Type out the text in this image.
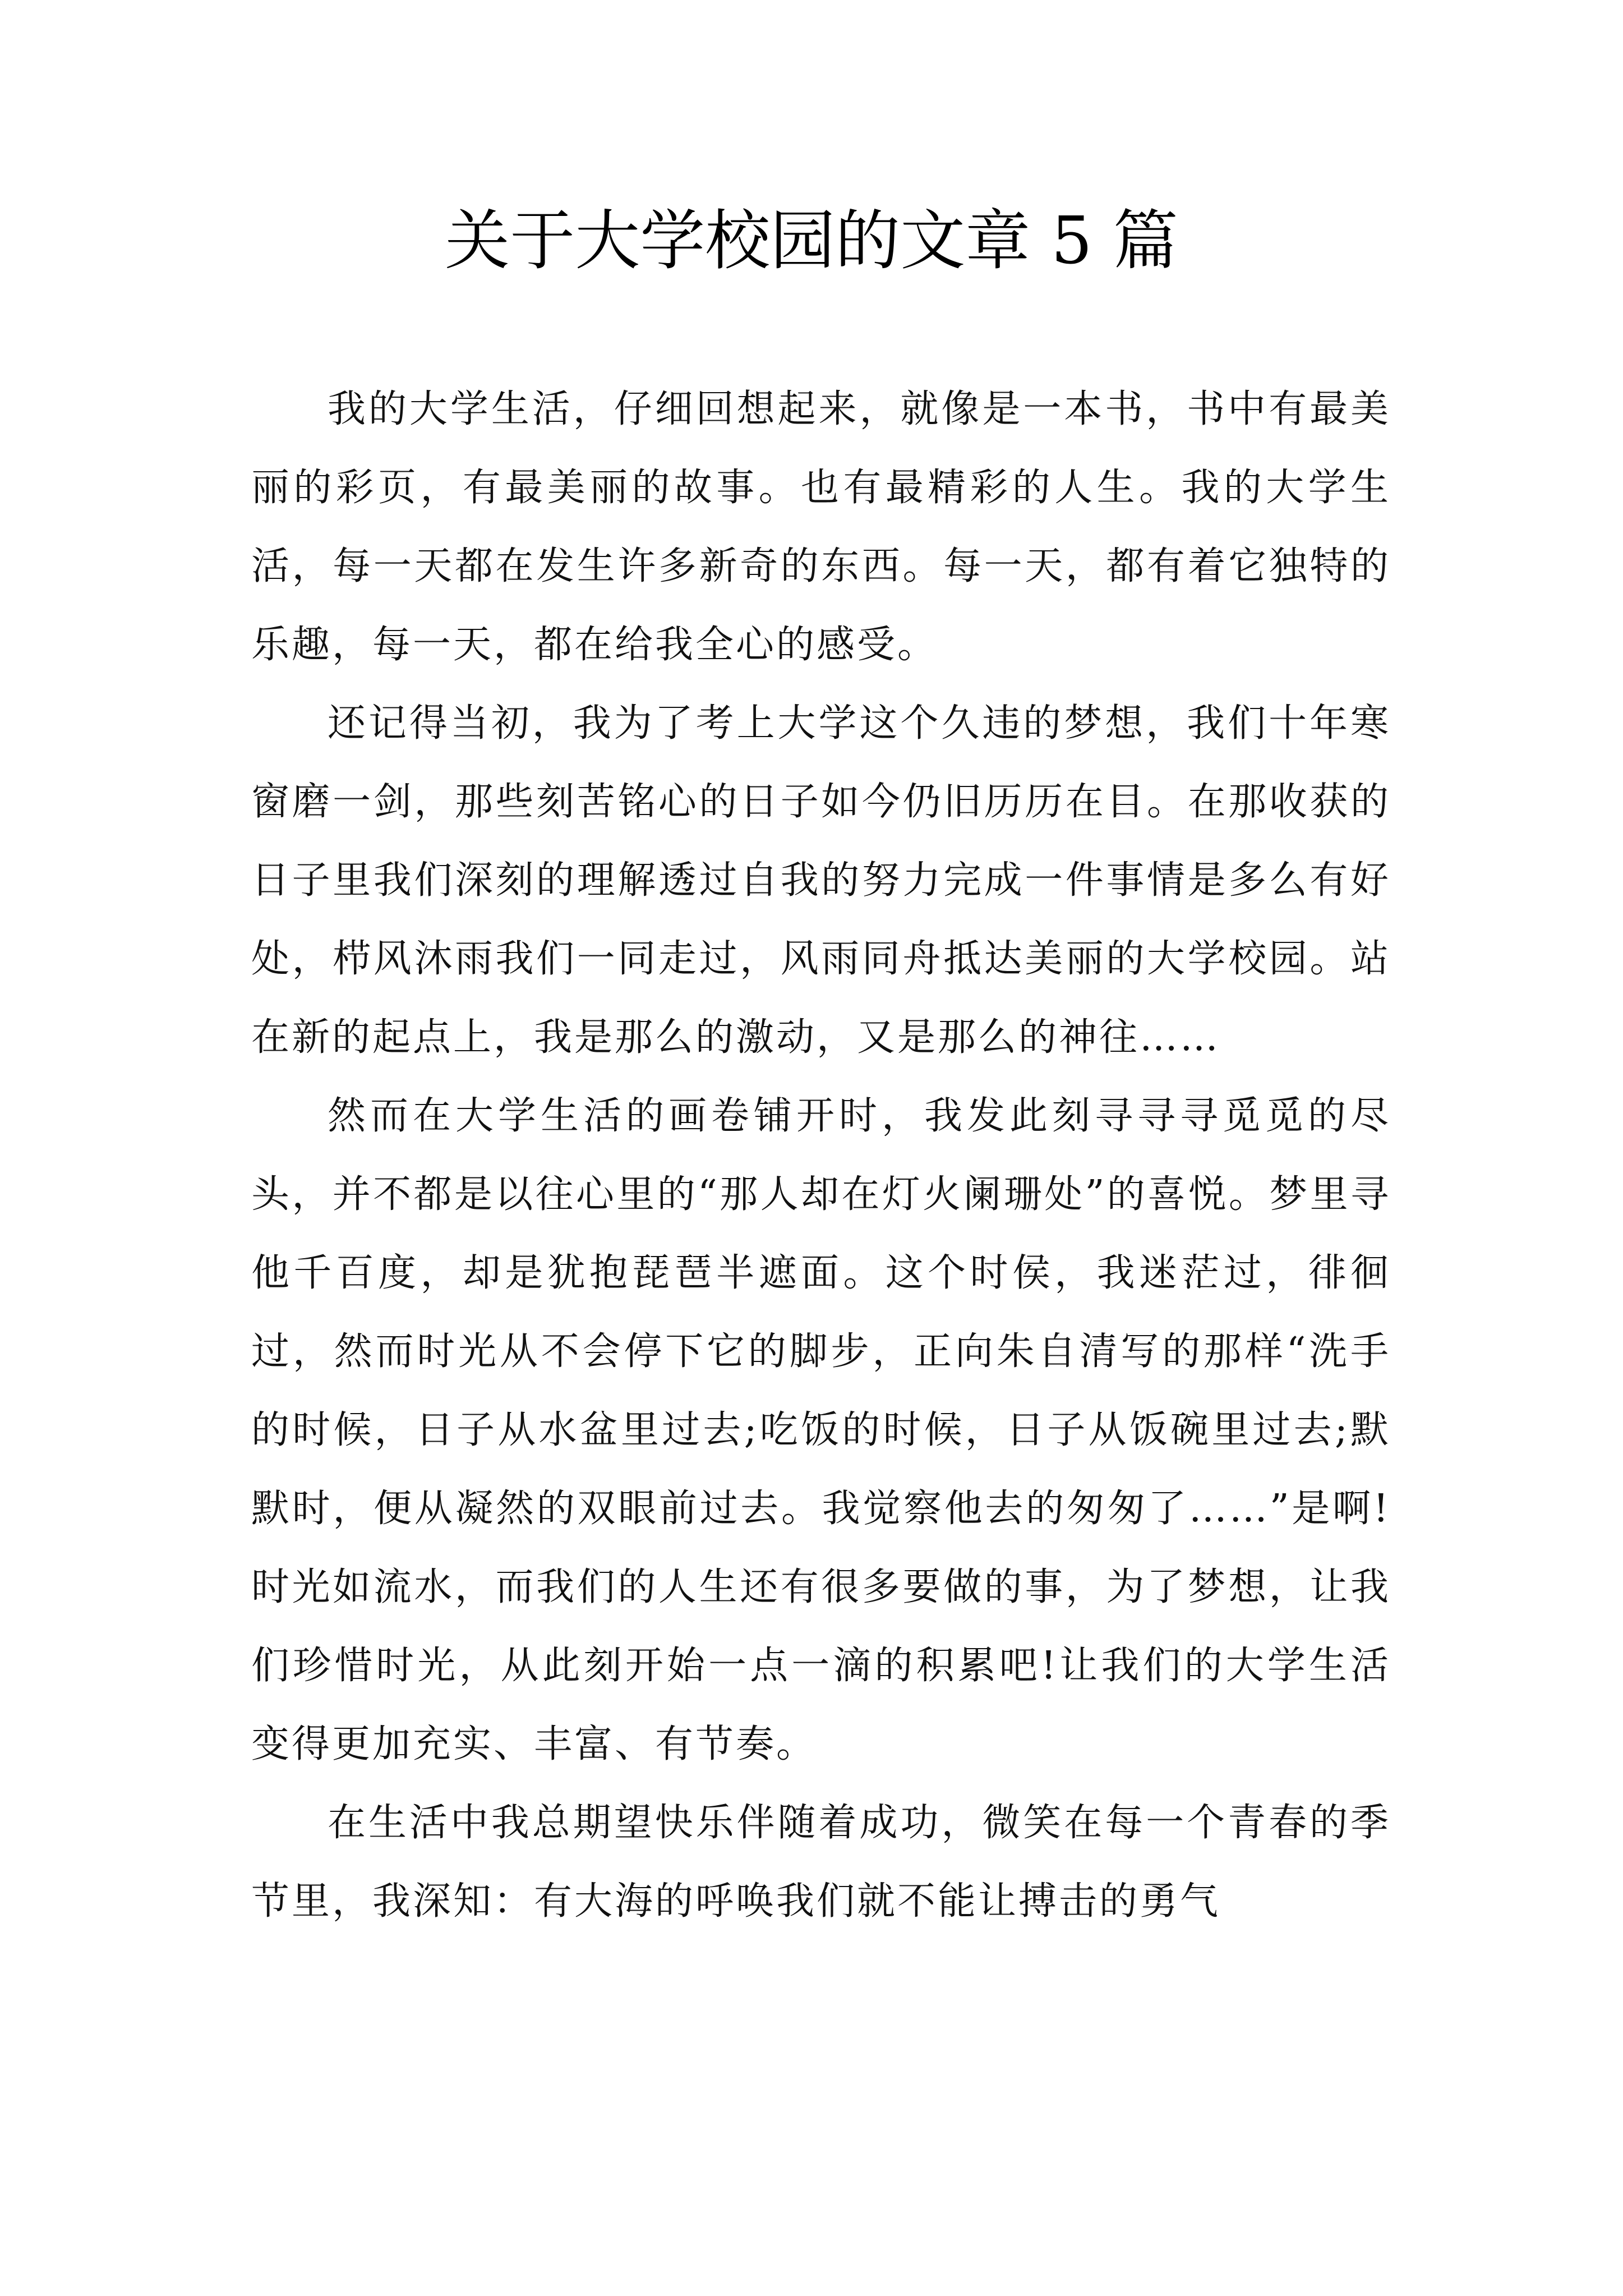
关于大学校园的文章 5 篇

我的大学生活，仔细回想起来，就像是一本书，书中有最美丽的彩页，有最美丽的故事。也有最精彩的人生。我的大学生活，每一天都在发生许多新奇的东西。每一天，都有着它独特的乐趣，每一天，都在给我全心的感受。

还记得当初，我为了考上大学这个久违的梦想，我们十年寒窗磨一剑，那些刻苦铭心的日子如今仍旧历历在目。在那收获的日子里我们深刻的理解透过自我的努力完成一件事情是多么有好处，栉风沐雨我们一同走过，风雨同舟抵达美丽的大学校园。站在新的起点上，我是那么的激动，又是那么的神往……

然而在大学生活的画卷铺开时，我发此刻寻寻寻觅觅的尽头，并不都是以往心里的“那人却在灯火阑珊处”的喜悦。梦里寻他千百度，却是犹抱琵琶半遮面。这个时侯，我迷茫过，徘徊过，然而时光从不会停下它的脚步，正向朱自清写的那样“洗手的时候，日子从水盆里过去;吃饭的时候，日子从饭碗里过去;默默时，便从凝然的双眼前过去。我觉察他去的匆匆了……”是啊!时光如流水，而我们的人生还有很多要做的事，为了梦想，让我们珍惜时光，从此刻开始一点一滴的积累吧!让我们的大学生活变得更加充实、丰富、有节奏。

在生活中我总期望快乐伴随着成功，微笑在每一个青春的季节里，我深知：有大海的呼唤我们就不能让搏击的勇气
